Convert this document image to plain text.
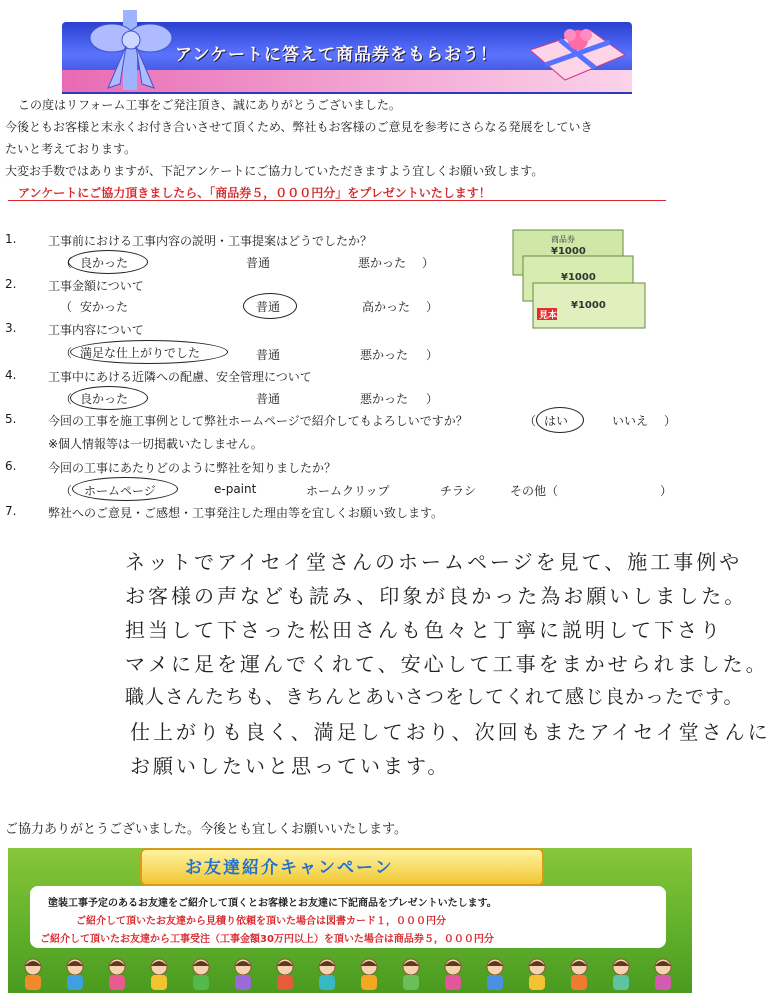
アンケートに答えて商品券をもらおう！
この度はリフォーム工事をご発注頂き、誠にありがとうございました。
今後ともお客様と末永くお付き合いさせて頂くため、弊社もお客様のご意見を参考にさらなる発展をしていき
たいと考えております。
大変お手数ではありますが、下記アンケートにご協力していただきますよう宜しくお願い致します。
アンケートにご協力頂きましたら、「商品券５，０００円分」をプレゼントいたします！
商品券
¥1000
¥1000
¥1000
見本
1.	工事前における工事内容の説明・工事提案はどうでしたか？
（ 良かった	普通	悪かった ）
2.	工事金額について
（ 安かった	普通	高かった ）
3.	工事内容について
（ 満足な仕上がりでした	普通	悪かった ）
4.	工事中にあける近隣への配慮、安全管理について
（ 良かった	普通	悪かった ）
5.	今回の工事を施工事例として弊社ホームページで紹介してもよろしいですか？	（ はい	いいえ ）
※個人情報等は一切掲載いたしません。
6.	今回の工事にあたりどのように弊社を知りましたか？
（ ホームページ	e-paint	ホームクリップ	チラシ	その他（	）
7.	弊社へのご意見・ご感想・工事発注した理由等を宜しくお願い致します。
ネットでアイセイ堂さんのホームページを見て、施工事例や
お客様の声なども読み、印象が良かった為お願いしました。
担当して下さった松田さんも色々と丁寧に説明して下さり
マメに足を運んでくれて、安心して工事をまかせられました。
職人さんたちも、きちんとあいさつをしてくれて感じ良かったです。
仕上がりも良く、満足しており、次回もまたアイセイ堂さんに
お願いしたいと思っています。
ご協力ありがとうございました。今後とも宜しくお願いいたします。
お友達紹介キャンペーン
塗装工事予定のあるお友達をご紹介して頂くとお客様とお友達に下記商品をプレゼントいたします。
ご紹介して頂いたお友達から見積り依頼を頂いた場合は図書カード１，０００円分
ご紹介して頂いたお友達から工事受注（工事金額30万円以上）を頂いた場合は商品券５，０００円分
